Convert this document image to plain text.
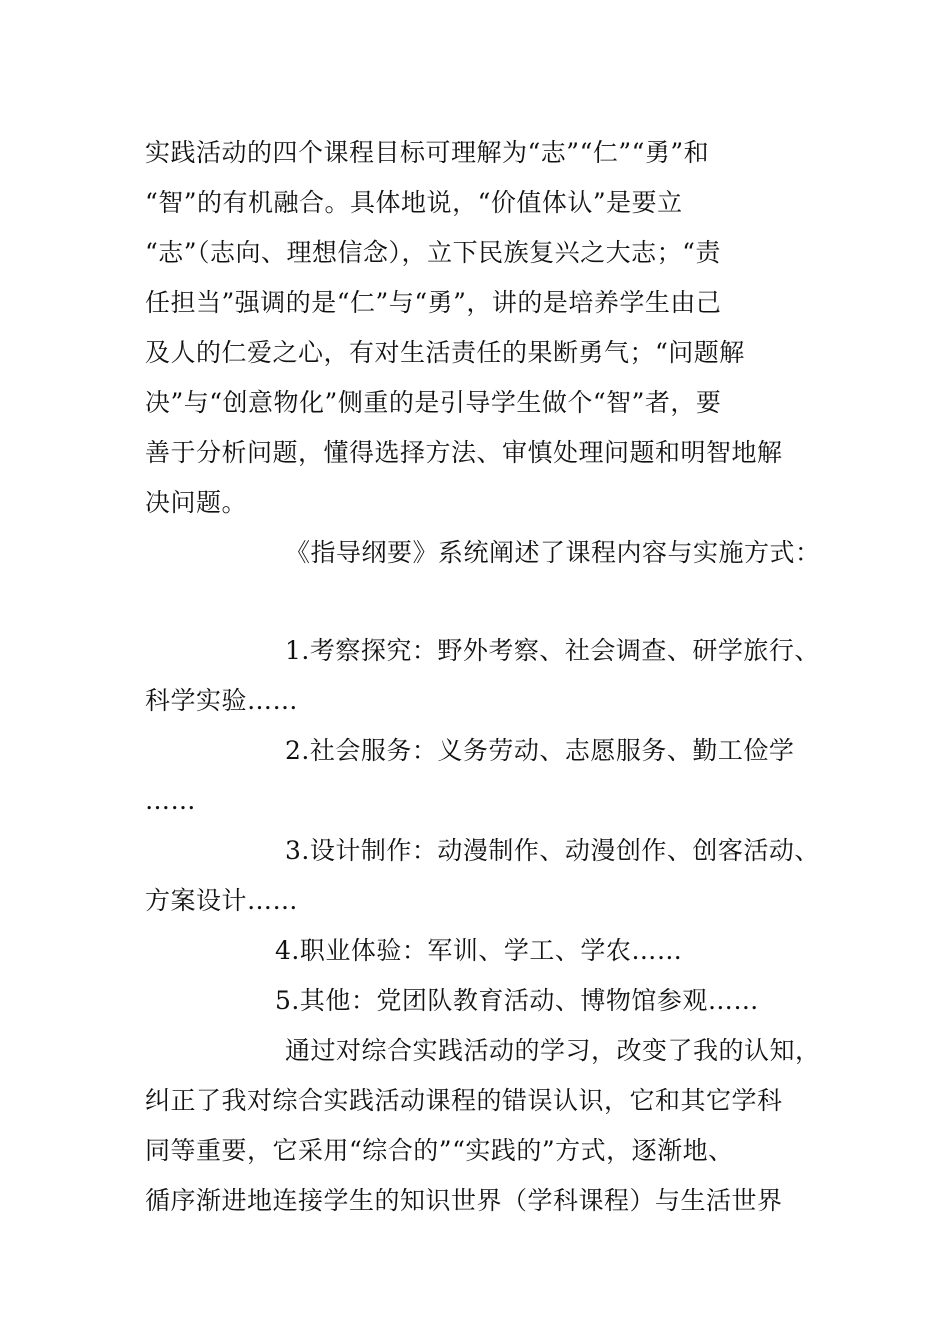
实践活动的四个课程目标可理解为“志”“仁”“勇”和
“智”的有机融合。具体地说，“价值体认”是要立
“志”（志向、理想信念），立下民族复兴之大志；“责
任担当”强调的是“仁”与“勇”，讲的是培养学生由己
及人的仁爱之心，有对生活责任的果断勇气；“问题解
决”与“创意物化”侧重的是引导学生做个“智”者，要
善于分析问题，懂得选择方法、审慎处理问题和明智地解
决问题。
《指导纲要》系统阐述了课程内容与实施方式：
1.考察探究：野外考察、社会调查、研学旅行、
科学实验……
2.社会服务：义务劳动、志愿服务、勤工俭学
……
3.设计制作：动漫制作、动漫创作、创客活动、
方案设计……
4.职业体验：军训、学工、学农……
5.其他：党团队教育活动、博物馆参观……
通过对综合实践活动的学习，改变了我的认知，
纠正了我对综合实践活动课程的错误认识，它和其它学科
同等重要，它采用“综合的”“实践的”方式，逐渐地、
循序渐进地连接学生的知识世界（学科课程）与生活世界
